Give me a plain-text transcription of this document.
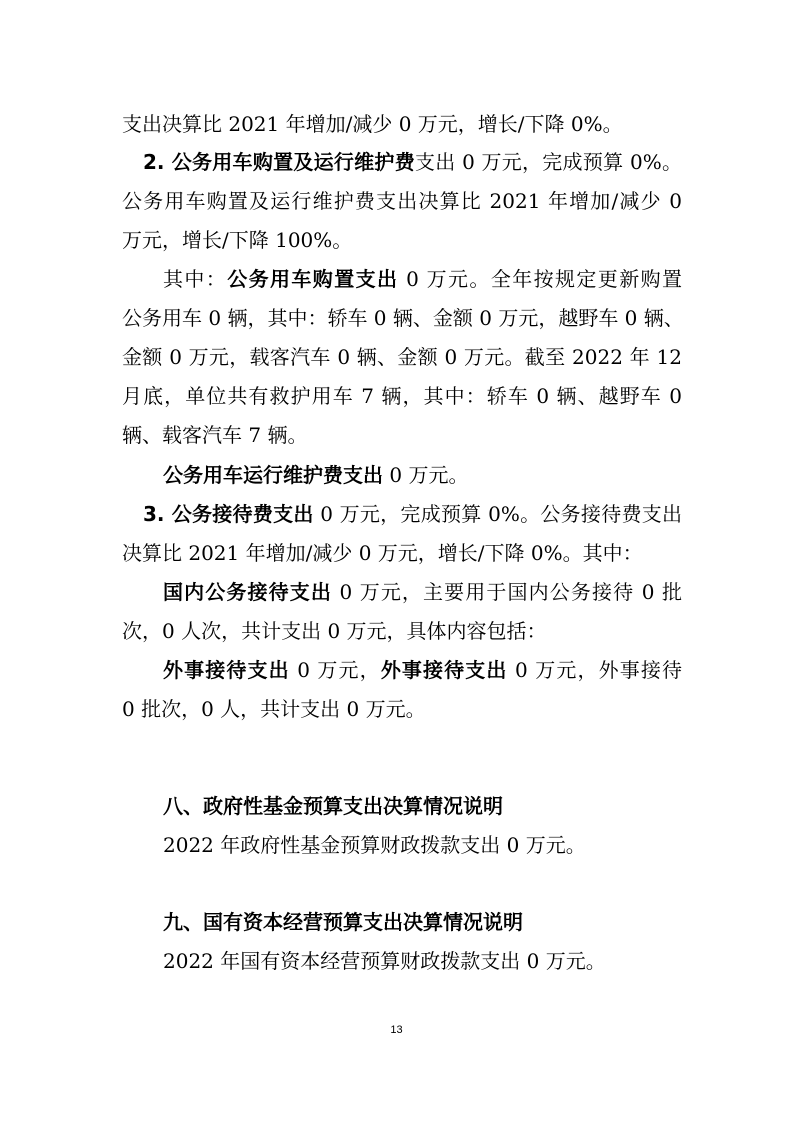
支出决算比 2021 年增加/减少 0 万元，增长/下降 0%。
2. 公务用车购置及运行维护费支出 0 万元，完成预算 0%。
公务用车购置及运行维护费支出决算比 2021 年增加/减少 0
万元，增长/下降 100%。
其中：公务用车购置支出 0 万元。全年按规定更新购置
公务用车 0 辆，其中：轿车 0 辆、金额 0 万元，越野车 0 辆、
金额 0 万元，载客汽车 0 辆、金额 0 万元。截至 2022 年 12
月底，单位共有救护用车 7 辆，其中：轿车 0 辆、越野车 0
辆、载客汽车 7 辆。
公务用车运行维护费支出 0 万元。
3. 公务接待费支出 0 万元，完成预算 0%。公务接待费支出
决算比 2021 年增加/减少 0 万元，增长/下降 0%。其中：
国内公务接待支出 0 万元，主要用于国内公务接待 0 批
次，0 人次，共计支出 0 万元，具体内容包括：
外事接待支出 0 万元，外事接待支出 0 万元，外事接待
0 批次，0 人，共计支出 0 万元。
八、政府性基金预算支出决算情况说明
2022 年政府性基金预算财政拨款支出 0 万元。
九、国有资本经营预算支出决算情况说明
2022 年国有资本经营预算财政拨款支出 0 万元。
13
